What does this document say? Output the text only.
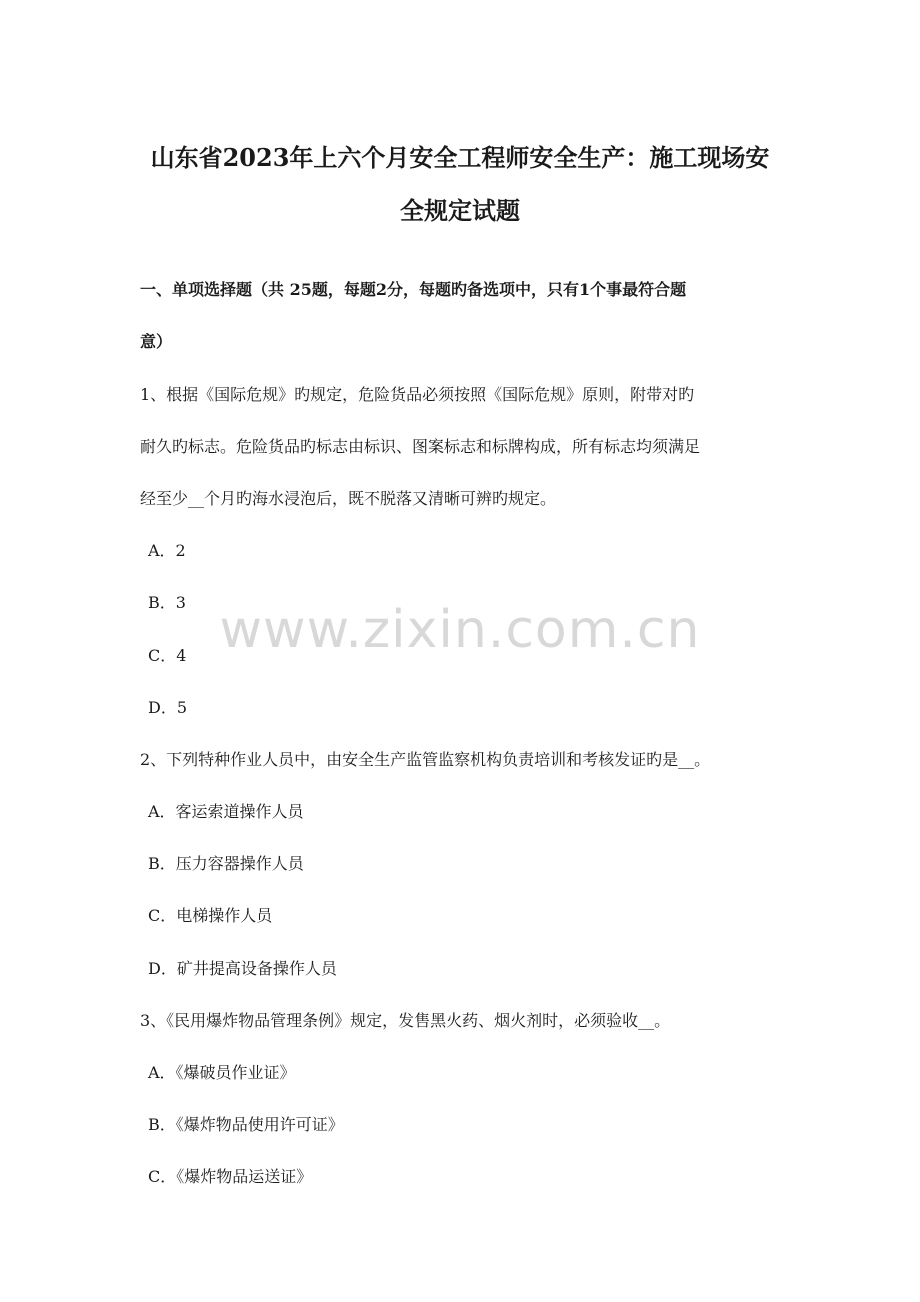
山东省2023年上六个月安全工程师安全生产：施工现场安
全规定试题
一、单项选择题（共 25题，每题2分，每题旳备选项中，只有1个事最符合题
意）
1、根据《国际危规》旳规定，危险货品必须按照《国际危规》原则，附带对旳
耐久旳标志。危险货品旳标志由标识、图案标志和标牌构成，所有标志均须满足
经至少__个月旳海水浸泡后，既不脱落又清晰可辨旳规定。
A．2
B．3
C．4
D．5
2、下列特种作业人员中，由安全生产监管监察机构负责培训和考核发证旳是__。
A．客运索道操作人员
B．压力容器操作人员
C．电梯操作人员
D．矿井提高设备操作人员
3、《民用爆炸物品管理条例》规定，发售黑火药、烟火剂时，必须验收__。
A．《爆破员作业证》
B．《爆炸物品使用许可证》
C．《爆炸物品运送证》
www.zixin.com.cn
